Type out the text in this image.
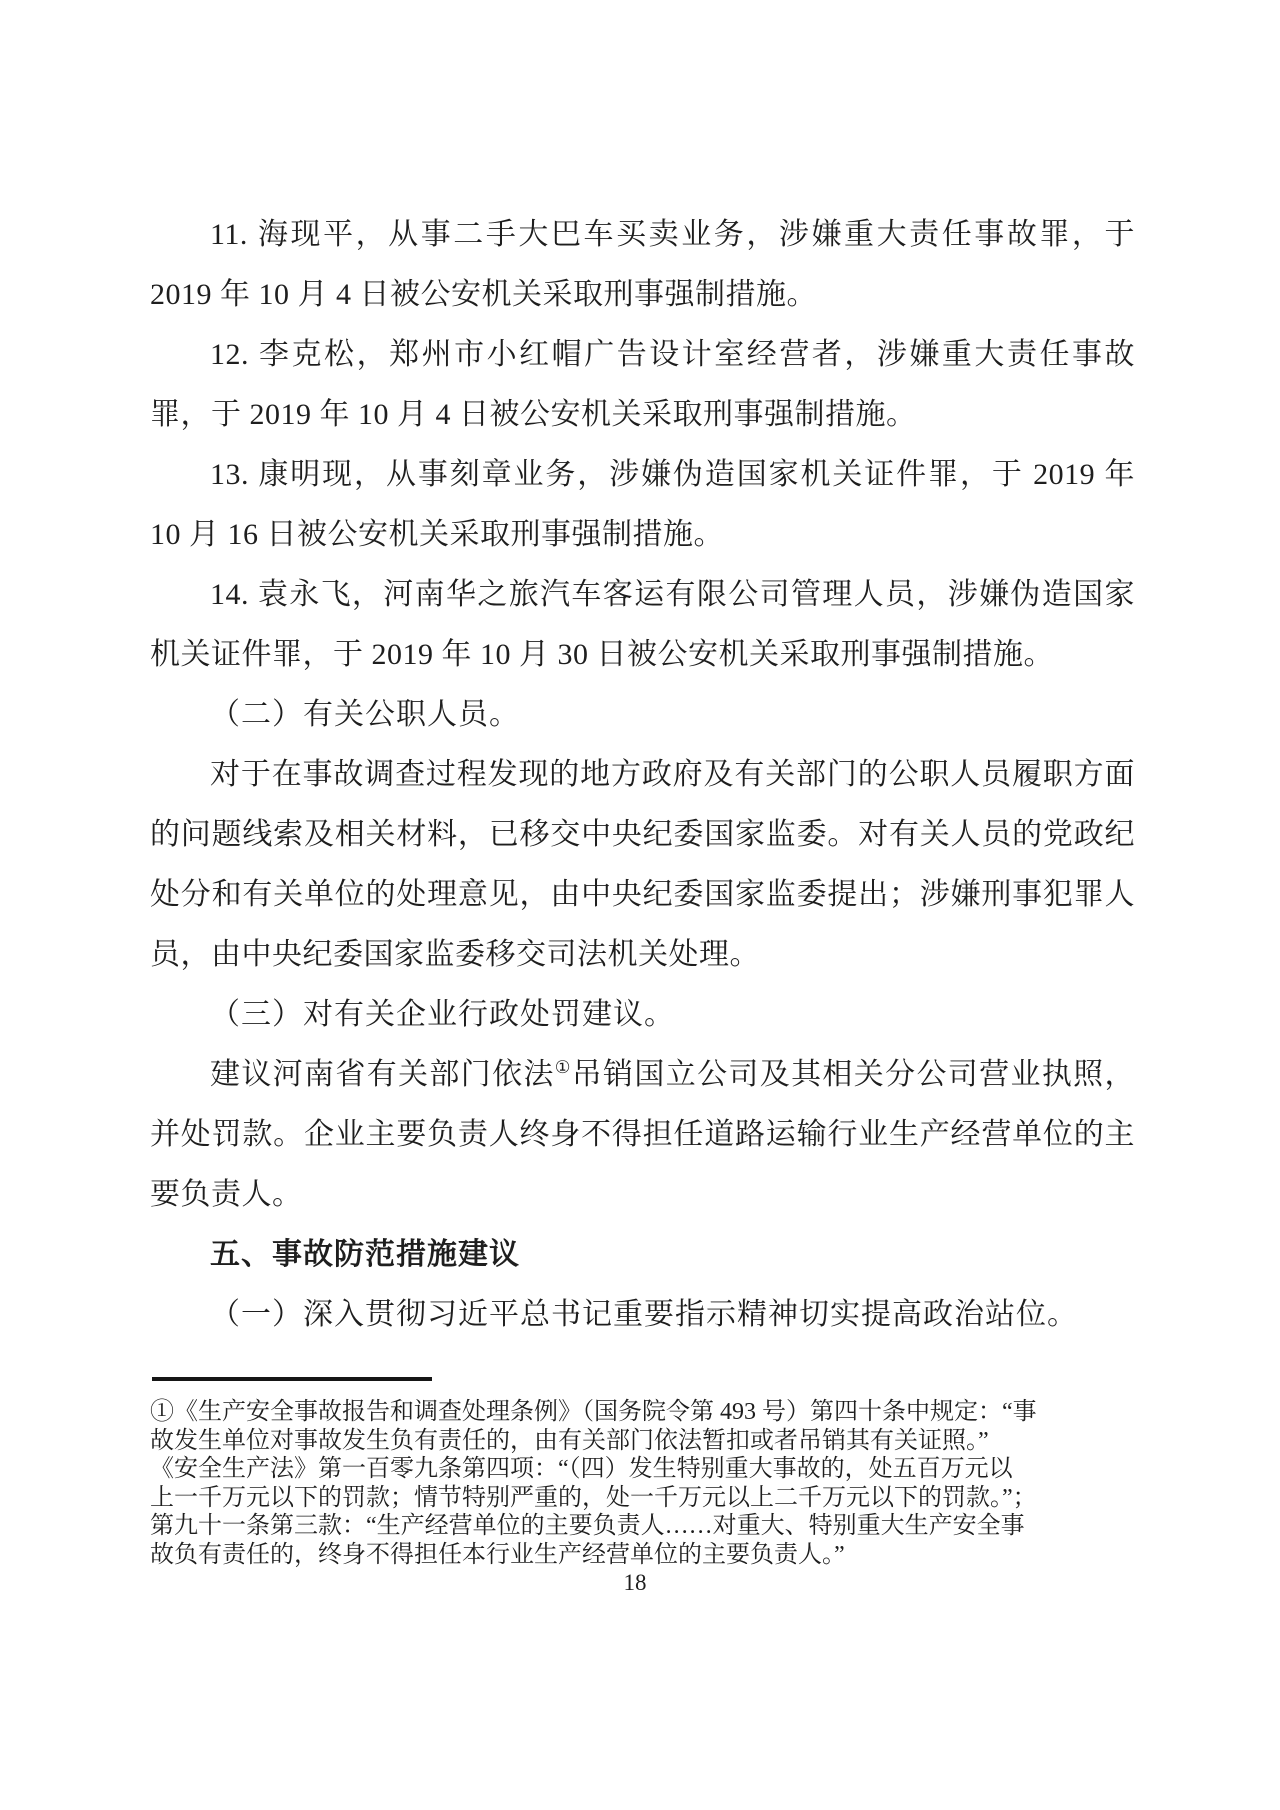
11. 海现平，从事二手大巴车买卖业务，涉嫌重大责任事故罪，于 2019 年 10 月 4 日被公安机关采取刑事强制措施。

12. 李克松，郑州市小红帽广告设计室经营者，涉嫌重大责任事故罪，于 2019 年 10 月 4 日被公安机关采取刑事强制措施。

13. 康明现，从事刻章业务，涉嫌伪造国家机关证件罪，于 2019 年 10 月 16 日被公安机关采取刑事强制措施。

14. 袁永飞，河南华之旅汽车客运有限公司管理人员，涉嫌伪造国家机关证件罪，于 2019 年 10 月 30 日被公安机关采取刑事强制措施。

（二）有关公职人员。

对于在事故调查过程发现的地方政府及有关部门的公职人员履职方面的问题线索及相关材料，已移交中央纪委国家监委。对有关人员的党政纪处分和有关单位的处理意见，由中央纪委国家监委提出；涉嫌刑事犯罪人员，由中央纪委国家监委移交司法机关处理。

（三）对有关企业行政处罚建议。

建议河南省有关部门依法①吊销国立公司及其相关分公司营业执照，并处罚款。企业主要负责人终身不得担任道路运输行业生产经营单位的主要负责人。

五、事故防范措施建议

（一）深入贯彻习近平总书记重要指示精神切实提高政治站位。

①《生产安全事故报告和调查处理条例》（国务院令第 493 号）第四十条中规定：“事
故发生单位对事故发生负有责任的，由有关部门依法暂扣或者吊销其有关证照。”
《安全生产法》第一百零九条第四项：“（四）发生特别重大事故的，处五百万元以
上一千万元以下的罚款；情节特别严重的，处一千万元以上二千万元以下的罚款。”；
第九十一条第三款：“生产经营单位的主要负责人……对重大、特别重大生产安全事
故负有责任的，终身不得担任本行业生产经营单位的主要负责人。”
18
